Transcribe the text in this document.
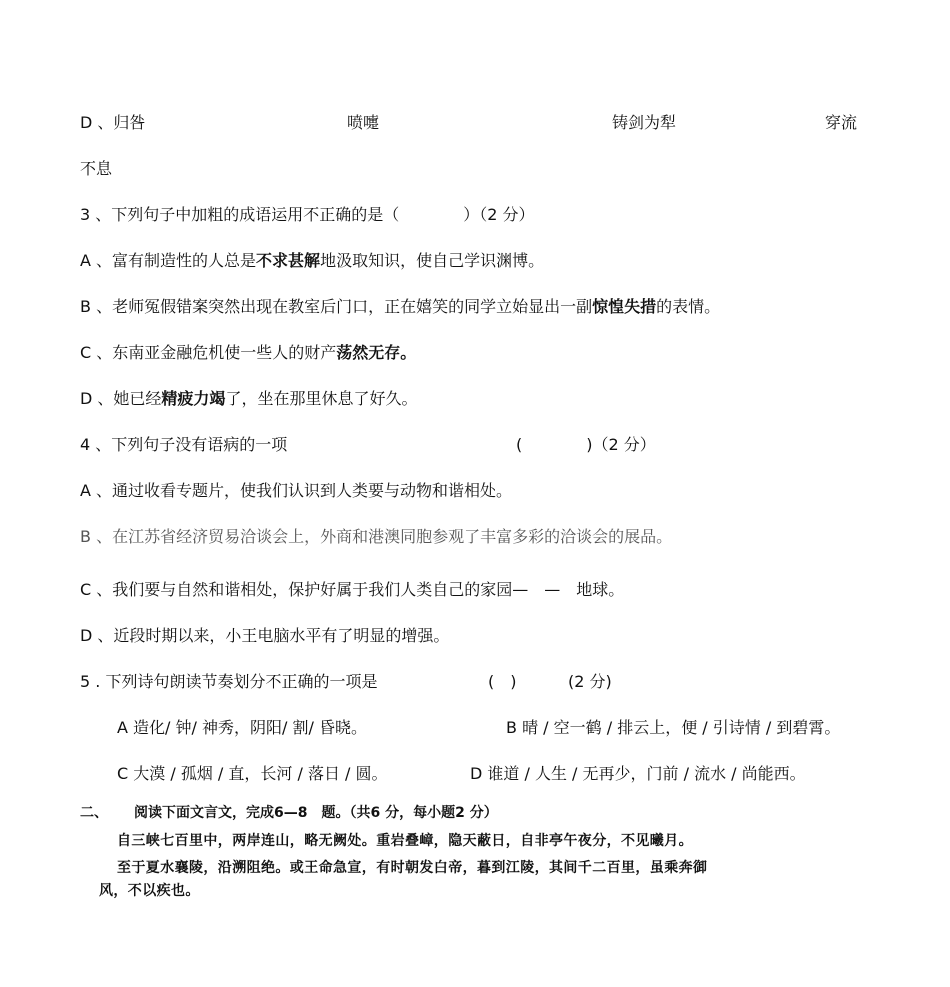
D 、归咎	喷嚏	铸剑为犁	穿流
不息
3 、下列句子中加粗的成语运用不正确的是（　　　　）（2 分）
A 、富有制造性的人总是不求甚解地汲取知识，使自己学识渊博。
B 、老师冤假错案突然出现在教室后门口，正在嬉笑的同学立始显出一副惊惶失措的表情。
C 、东南亚金融危机使一些人的财产荡然无存。
D 、她已经精疲力竭了，坐在那里休息了好久。
4 、下列句子没有语病的一项	(　　　　)（2 分）
A 、通过收看专题片，使我们认识到人类要与动物和谐相处。
B 、在江苏省经济贸易洽谈会上，外商和港澳同胞参观了丰富多彩的洽谈会的展品。
C 、我们要与自然和谐相处，保护好属于我们人类自己的家园—　—　地球。
D 、近段时期以来，小王电脑水平有了明显的增强。
5 . 下列诗句朗读节奏划分不正确的一项是	(　)	(2 分)
A 造化/ 钟/ 神秀，阴阳/ 割/ 昏晓。	B 晴 / 空一鹤 / 排云上，便 / 引诗情 / 到碧霄。
C 大漠 / 孤烟 / 直，长河 / 落日 / 圆。	D 谁道 / 人生 / 无再少，门前 / 流水 / 尚能西。
二、 阅读下面文言文，完成6—8　题。（共6 分，每小题2 分）
自三峡七百里中，两岸连山，略无阙处。重岩叠嶂，隐天蔽日，自非亭午夜分，不见曦月。
至于夏水襄陵，沿溯阻绝。或王命急宣，有时朝发白帝，暮到江陵，其间千二百里，虽乘奔御
风，不以疾也。
